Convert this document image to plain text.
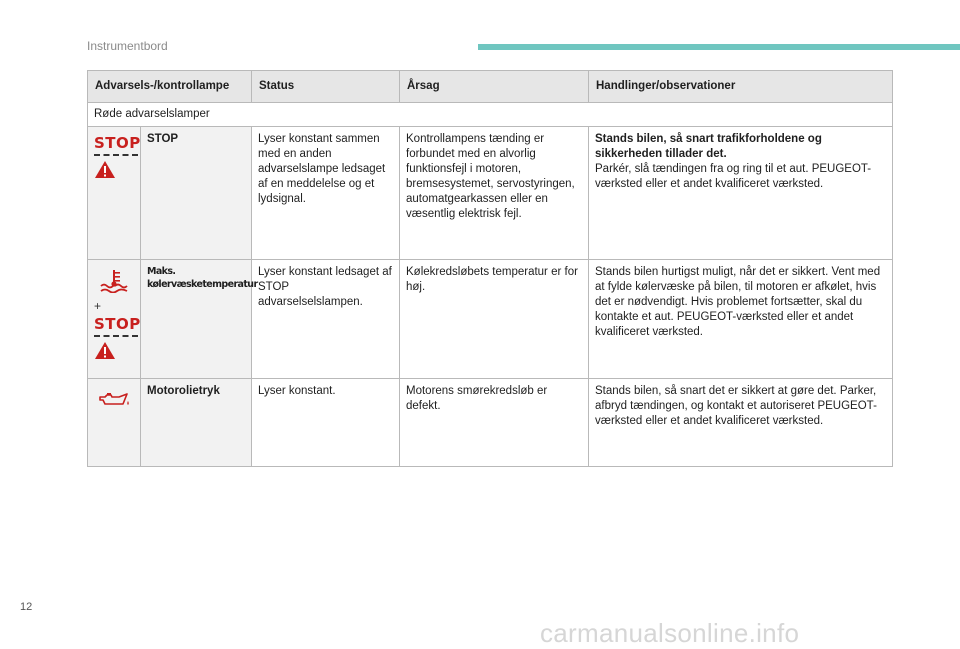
Instrumentbord
Advarsels-/kontrollampe		Status	Årsag	Handlinger/observationer
Røde advarselslamper				

STOP	STOP	Lyser konstant sammen med en anden advarselslampe ledsaget af en meddelelse og et lydsignal.	Kontrollampens tænding er forbundet med en alvorlig funktionsfejl i motoren, bremsesystemet, servostyringen, automatgearkassen eller en væsentlig elektrisk fejl.	Stands bilen, så snart trafikforholdene og sikkerheden tillader det.

Parkér, slå tændingen fra og ring til et aut. PEUGEOT-værksted eller et andet kvalificeret værksted.

+
STOP	Maks. kølervæsketemperatur	Lyser konstant ledsaget af STOP advarselselslampen.	Kølekredsløbets temperatur er for høj.	Stands bilen hurtigst muligt, når det er sikkert. Vent med at fylde kølervæske på bilen, til motoren er afkølet, hvis det er nødvendigt. Hvis problemet fortsætter, skal du kontakte et aut. PEUGEOT-værksted eller et andet kvalificeret værksted.

	Motorolietryk	Lyser konstant.	Motorens smørekredsløb er defekt.	Stands bilen, så snart det er sikkert at gøre det. Parker, afbryd tændingen, og kontakt et autoriseret PEUGEOT-værksted eller et andet kvalificeret værksted.
12
carmanualsonline.info
